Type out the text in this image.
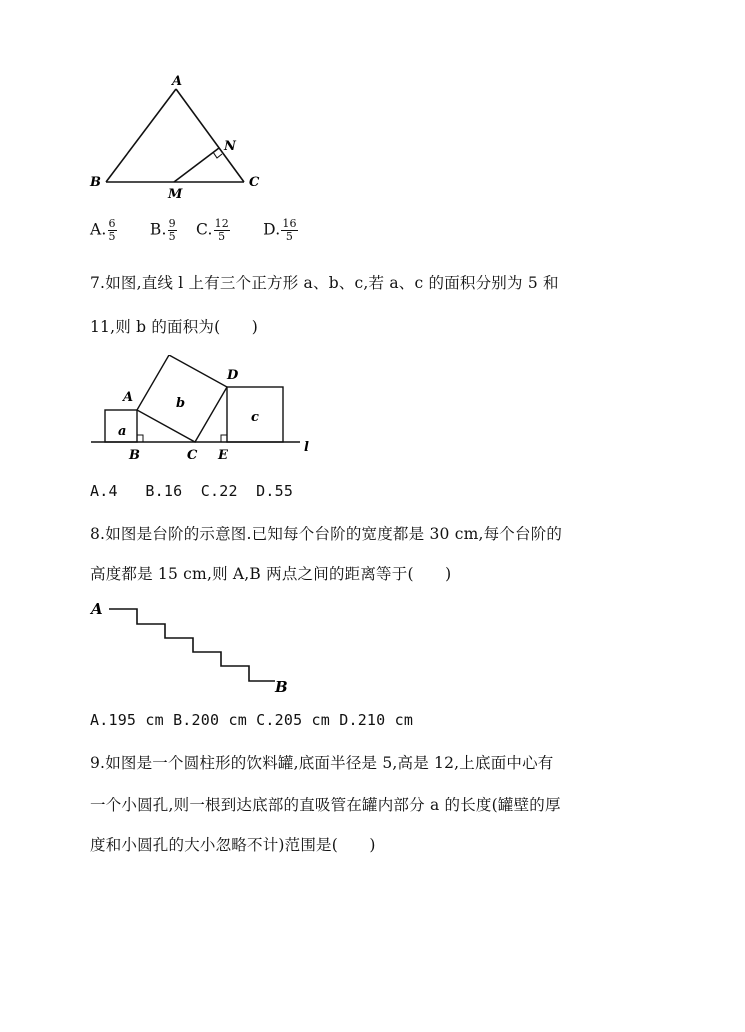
A
B	C
M
N
A. $\frac{6}{5} B$. $\frac{9}{5} C$. $\frac{12}{5} D$. $\frac{16}{5}$
7.如图,直线 l 上有三个正方形 a、b、c,若 a、c 的面积分别为 5 和
11,则 b 的面积为(　　)
A
D
a
b
c
B	C E
l
A.4   B.16  C.22  D.55
8.如图是台阶的示意图.已知每个台阶的宽度都是 30 cm,每个台阶的
高度都是 15 cm,则 A,B 两点之间的距离等于(　　)
A
B
A.195 cm B.200 cm C.205 cm D.210 cm
9.如图是一个圆柱形的饮料罐,底面半径是 5,高是 12,上底面中心有
一个小圆孔,则一根到达底部的直吸管在罐内部分 a 的长度(罐壁的厚
度和小圆孔的大小忽略不计)范围是(　　)
